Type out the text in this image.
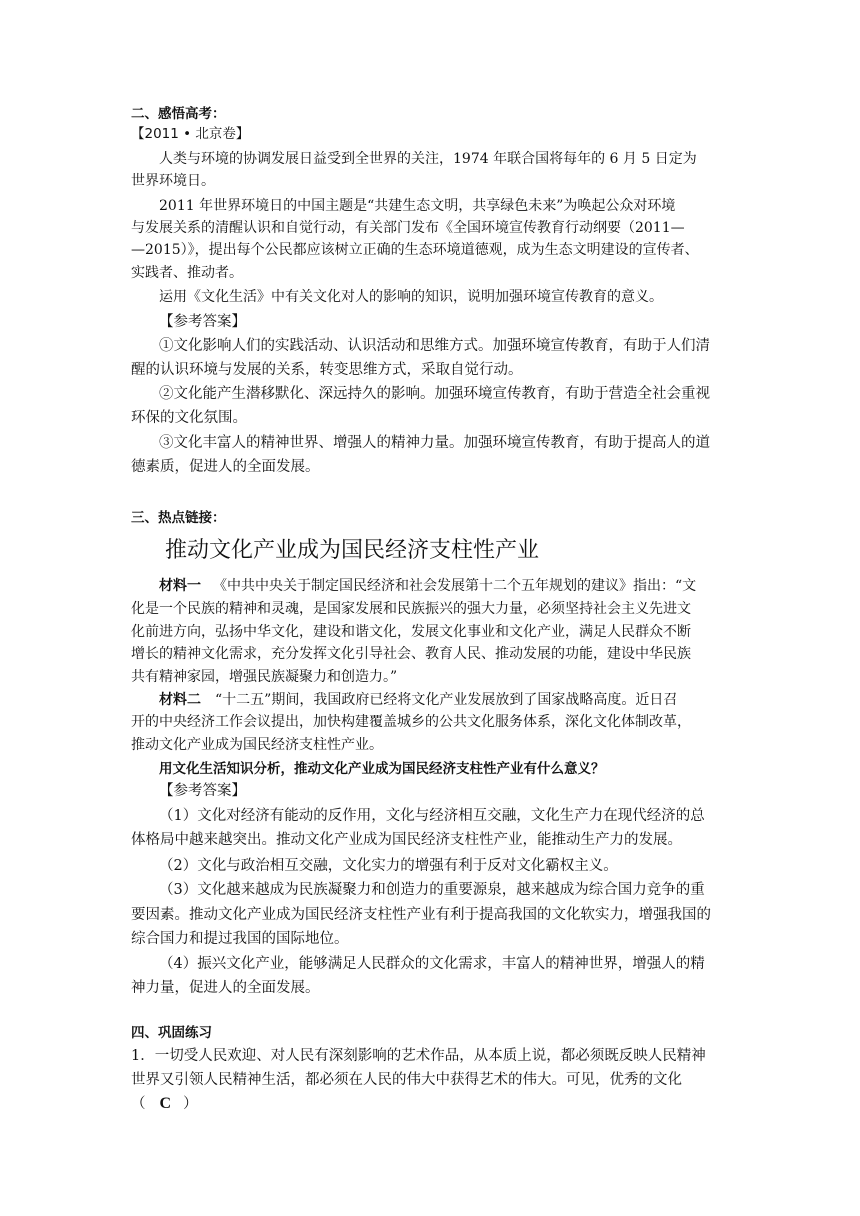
二、感悟高考：
【2011 • 北京卷】
人类与环境的协调发展日益受到全世界的关注，1974 年联合国将每年的 6 月 5 日定为
世界环境日。
2011 年世界环境日的中国主题是“共建生态文明，共享绿色未来”为唤起公众对环境
与发展关系的清醒认识和自觉行动，有关部门发布《全国环境宣传教育行动纲要（2011—
—2015）》，提出每个公民都应该树立正确的生态环境道德观，成为生态文明建设的宣传者、
实践者、推动者。
运用《文化生活》中有关文化对人的影响的知识，说明加强环境宣传教育的意义。
【参考答案】
①文化影响人们的实践活动、认识活动和思维方式。加强环境宣传教育，有助于人们清
醒的认识环境与发展的关系，转变思维方式，采取自觉行动。
②文化能产生潜移默化、深远持久的影响。加强环境宣传教育，有助于营造全社会重视
环保的文化氛围。
③文化丰富人的精神世界、增强人的精神力量。加强环境宣传教育，有助于提高人的道
德素质，促进人的全面发展。
三、热点链接：
推动文化产业成为国民经济支柱性产业
材料一 《中共中央关于制定国民经济和社会发展第十二个五年规划的建议》指出：“文
化是一个民族的精神和灵魂，是国家发展和民族振兴的强大力量，必须坚持社会主义先进文
化前进方向，弘扬中华文化，建设和谐文化，发展文化事业和文化产业，满足人民群众不断
增长的精神文化需求，充分发挥文化引导社会、教育人民、推动发展的功能，建设中华民族
共有精神家园，增强民族凝聚力和创造力。”
材料二 “十二五”期间，我国政府已经将文化产业发展放到了国家战略高度。近日召
开的中央经济工作会议提出，加快构建覆盖城乡的公共文化服务体系，深化文化体制改革，
推动文化产业成为国民经济支柱性产业。
用文化生活知识分析，推动文化产业成为国民经济支柱性产业有什么意义？
【参考答案】
（1）文化对经济有能动的反作用，文化与经济相互交融，文化生产力在现代经济的总
体格局中越来越突出。推动文化产业成为国民经济支柱性产业，能推动生产力的发展。
（2）文化与政治相互交融，文化实力的增强有利于反对文化霸权主义。
（3）文化越来越成为民族凝聚力和创造力的重要源泉，越来越成为综合国力竞争的重
要因素。推动文化产业成为国民经济支柱性产业有利于提高我国的文化软实力，增强我国的
综合国力和提过我国的国际地位。
（4）振兴文化产业，能够满足人民群众的文化需求，丰富人的精神世界，增强人的精
神力量，促进人的全面发展。
四、巩固练习
1．一切受人民欢迎、对人民有深刻影响的艺术作品，从本质上说，都必须既反映人民精神
世界又引领人民精神生活，都必须在人民的伟大中获得艺术的伟大。可见，优秀的文化
（ C ）
